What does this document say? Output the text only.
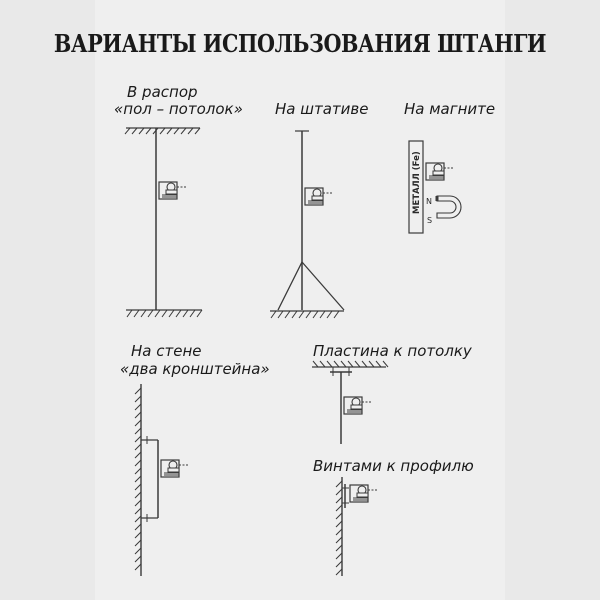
ВАРИАНТЫ ИСПОЛЬЗОВАНИЯ ШТАНГИ
В распор
«пол – потолок» На штативе На магните
На стене
«два кронштейна»
Пластина к потолку
Винтами к профилю
МЕТАЛЛ (Fe) N
S
